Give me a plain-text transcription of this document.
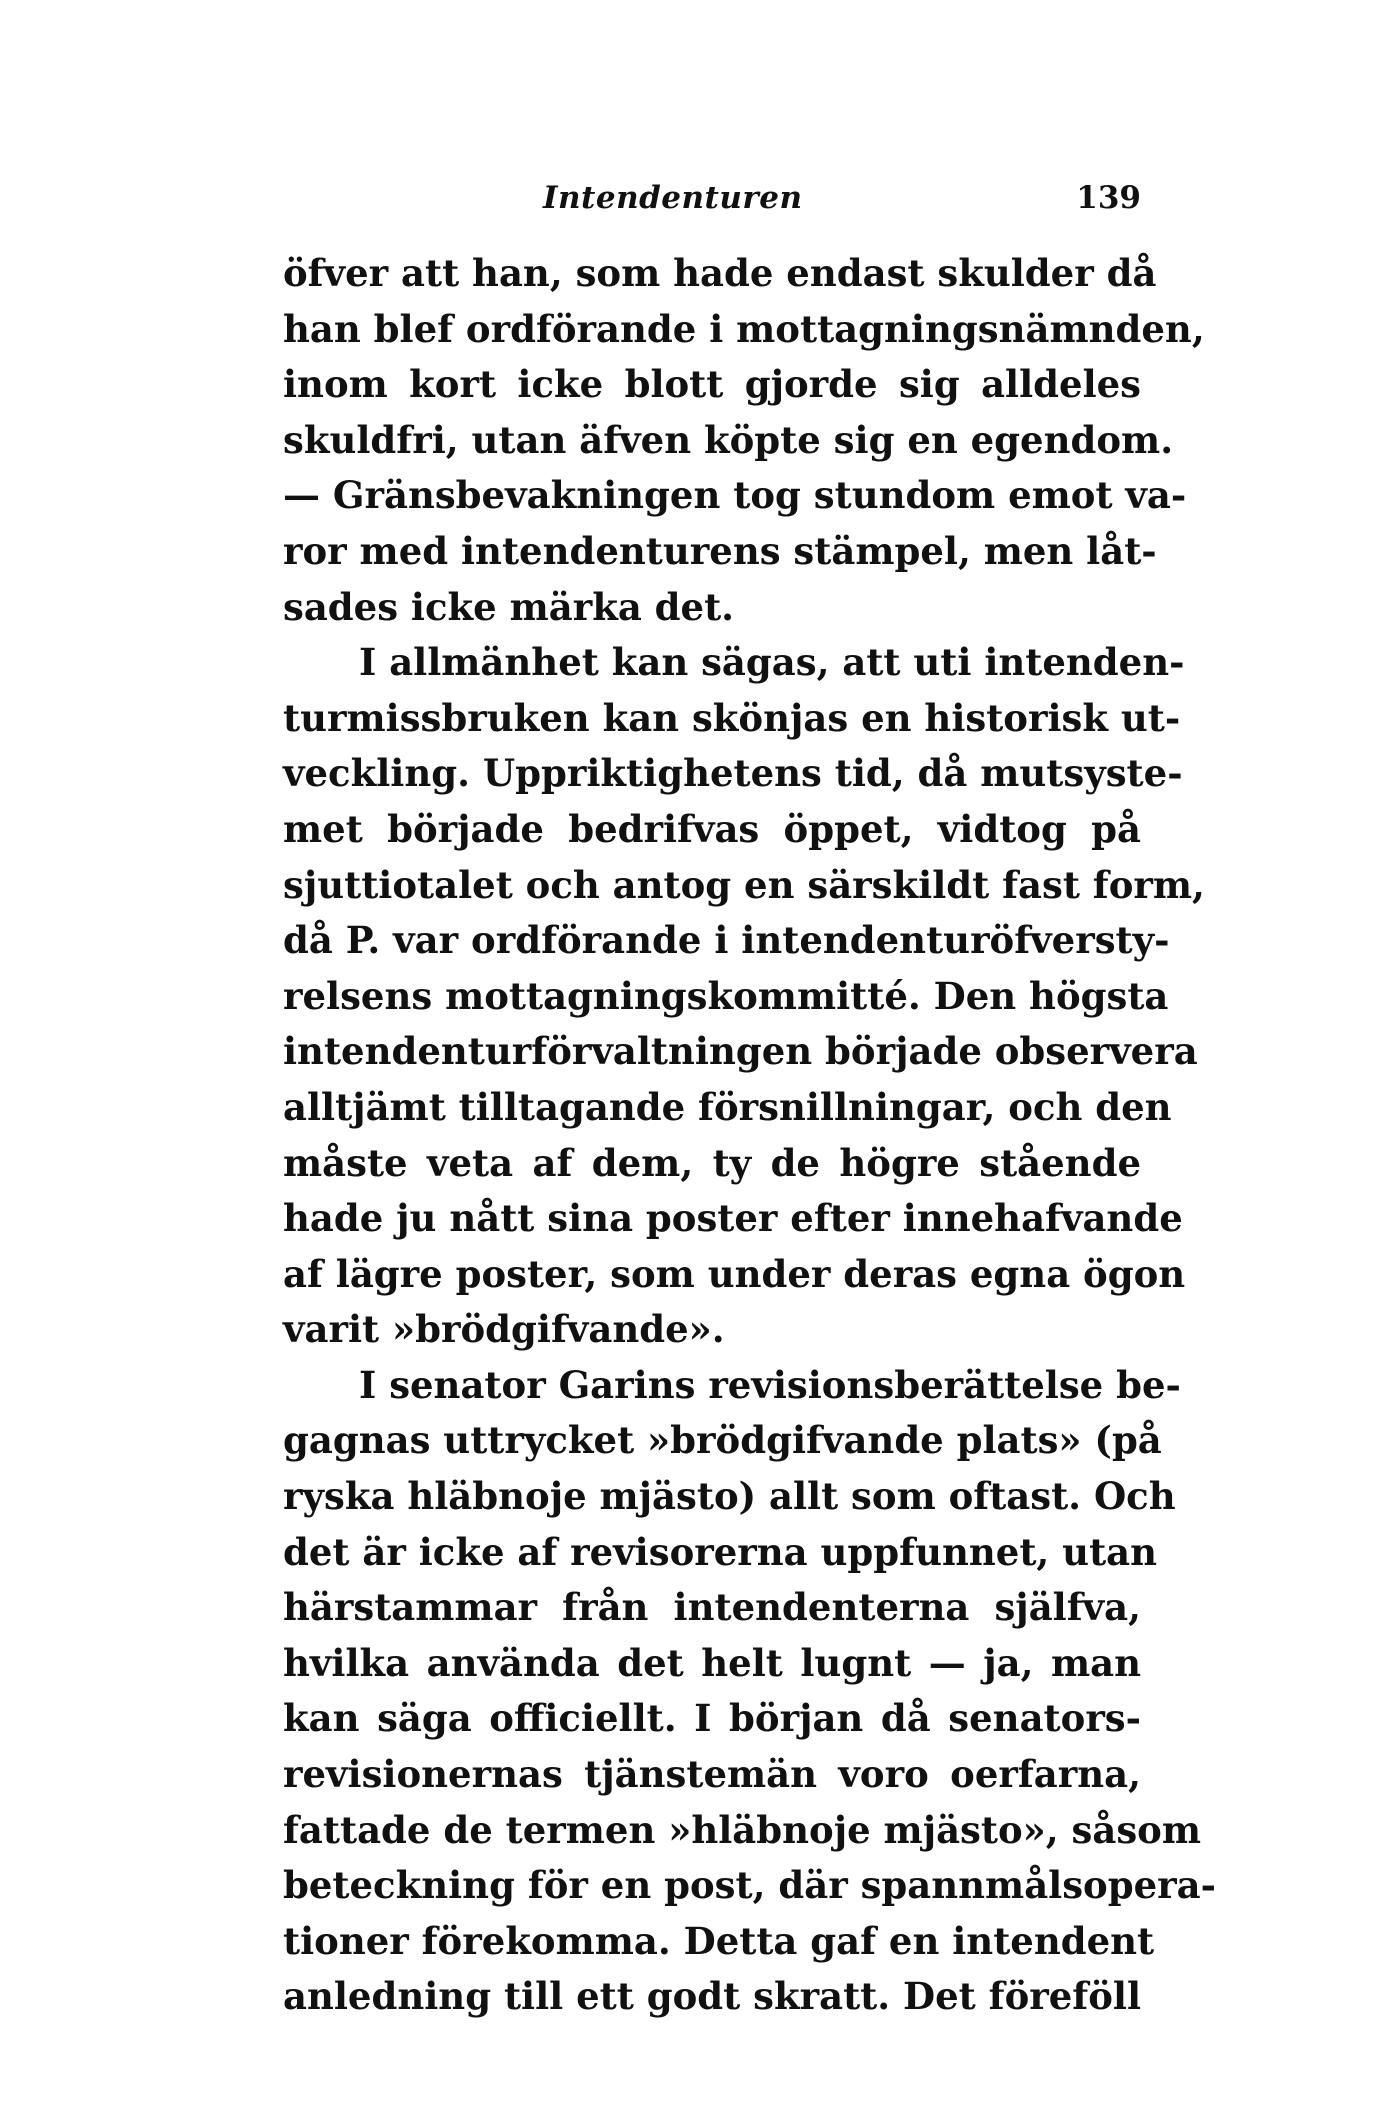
Intendenturen	139
öfver att han, som hade endast skulder då
han blef ordförande i mottagningsnämnden,
inom kort icke blott gjorde sig alldeles
skuldfri, utan äfven köpte sig en egendom.
— Gränsbevakningen tog stundom emot va-
ror med intendenturens stämpel, men låt-
sades icke märka det.
I allmänhet kan sägas, att uti intenden-
turmissbruken kan skönjas en historisk ut-
veckling. Uppriktighetens tid, då mutsyste-
met började bedrifvas öppet, vidtog på
sjuttiotalet och antog en särskildt fast form,
då P. var ordförande i intendenturöfversty-
relsens mottagningskommitté. Den högsta
intendenturförvaltningen började observera
alltjämt tilltagande försnillningar, och den
måste veta af dem, ty de högre stående
hade ju nått sina poster efter innehafvande
af lägre poster, som under deras egna ögon
varit »brödgifvande».
I senator Garins revisionsberättelse be-
gagnas uttrycket »brödgifvande plats» (på
ryska hläbnoje mjästo) allt som oftast. Och
det är icke af revisorerna uppfunnet, utan
härstammar från intendenterna själfva,
hvilka använda det helt lugnt — ja, man
kan säga officiellt. I början då senators-
revisionernas tjänstemän voro oerfarna,
fattade de termen »hläbnoje mjästo», såsom
beteckning för en post, där spannmålsopera-
tioner förekomma. Detta gaf en intendent
anledning till ett godt skratt. Det föreföll
